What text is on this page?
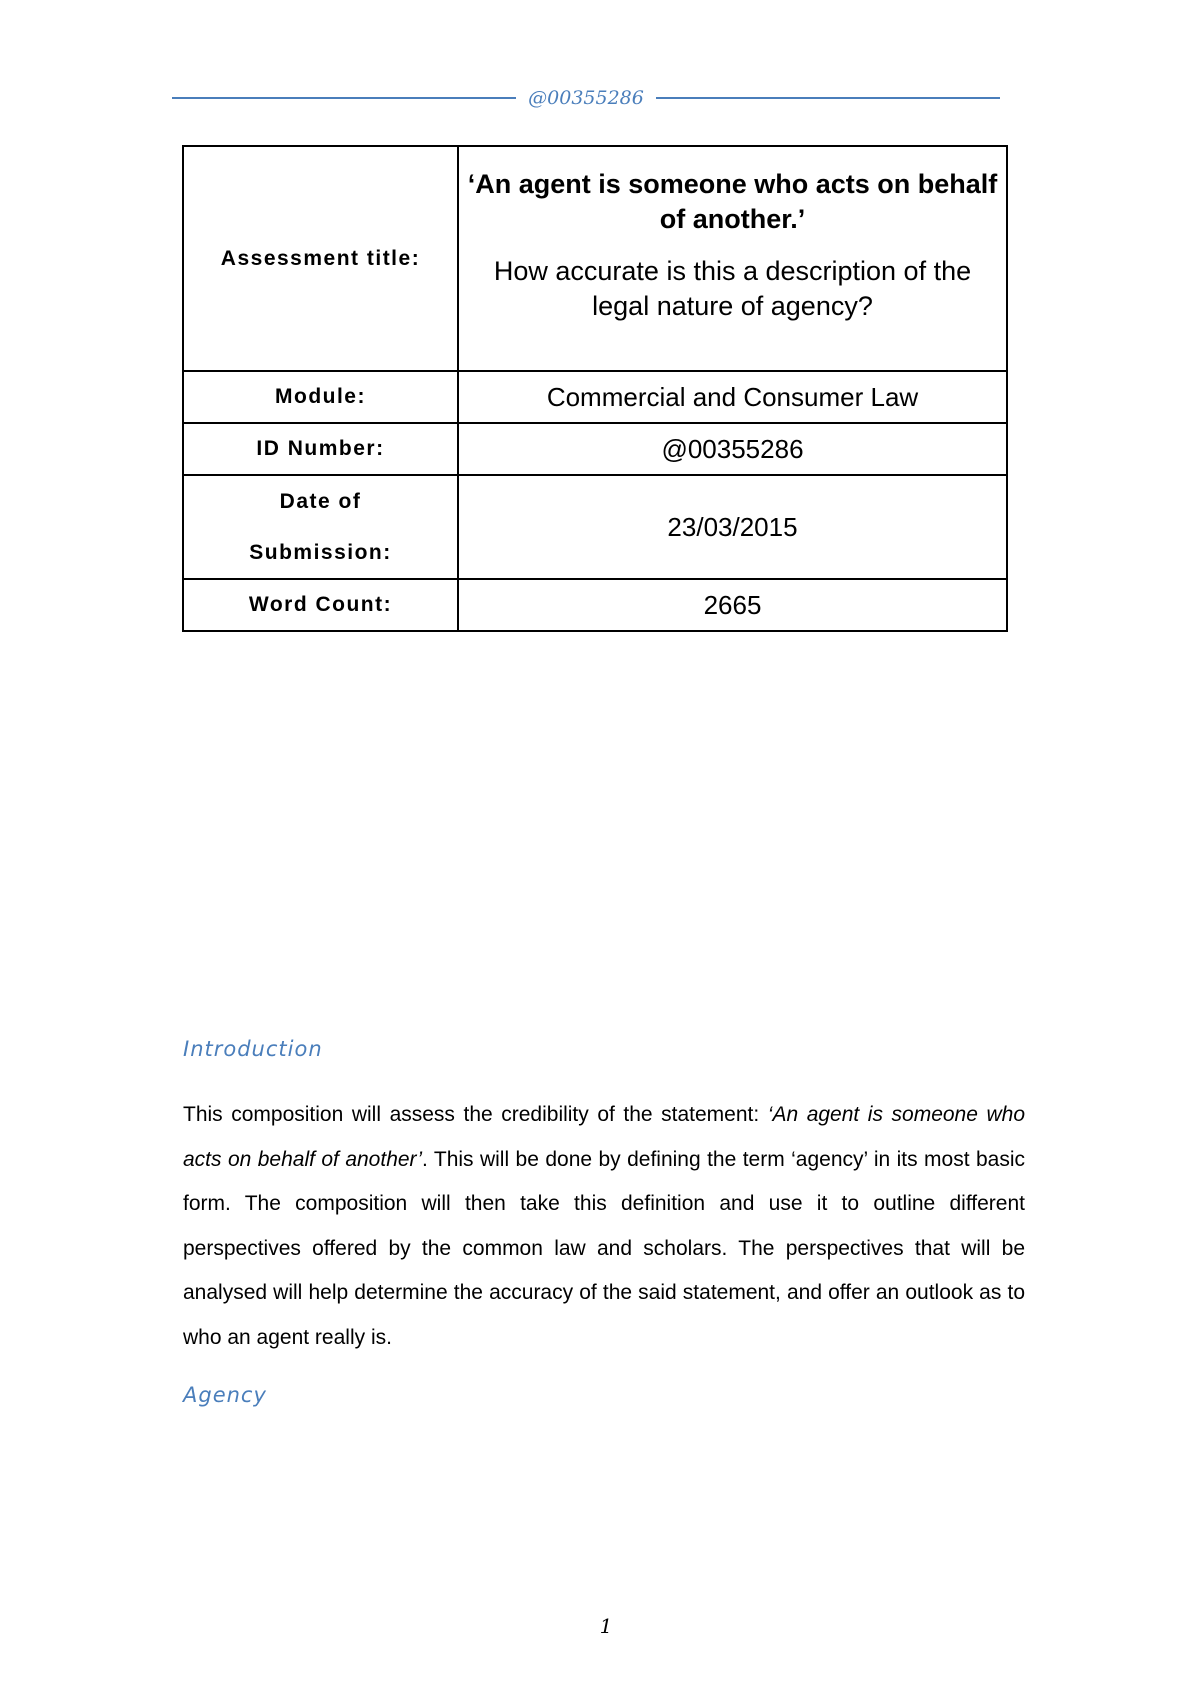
@00355286
Assessment title:	‘An agent is someone who acts on behalf of another.’
How accurate is this a description of the legal nature of agency?

Module:	Commercial and Consumer Law
ID Number:	@00355286

Date of
Submission:	23/03/2015
Word Count:	2665
Introduction

This composition will assess the credibility of the statement: ‘An agent is someone who acts on behalf of another’. This will be done by defining the term ‘agency’ in its most basic form. The composition will then take this definition and use it to outline different perspectives offered by the common law and scholars. The perspectives that will be analysed will help determine the accuracy of the said statement, and offer an outlook as to who an agent really is.

Agency
1
